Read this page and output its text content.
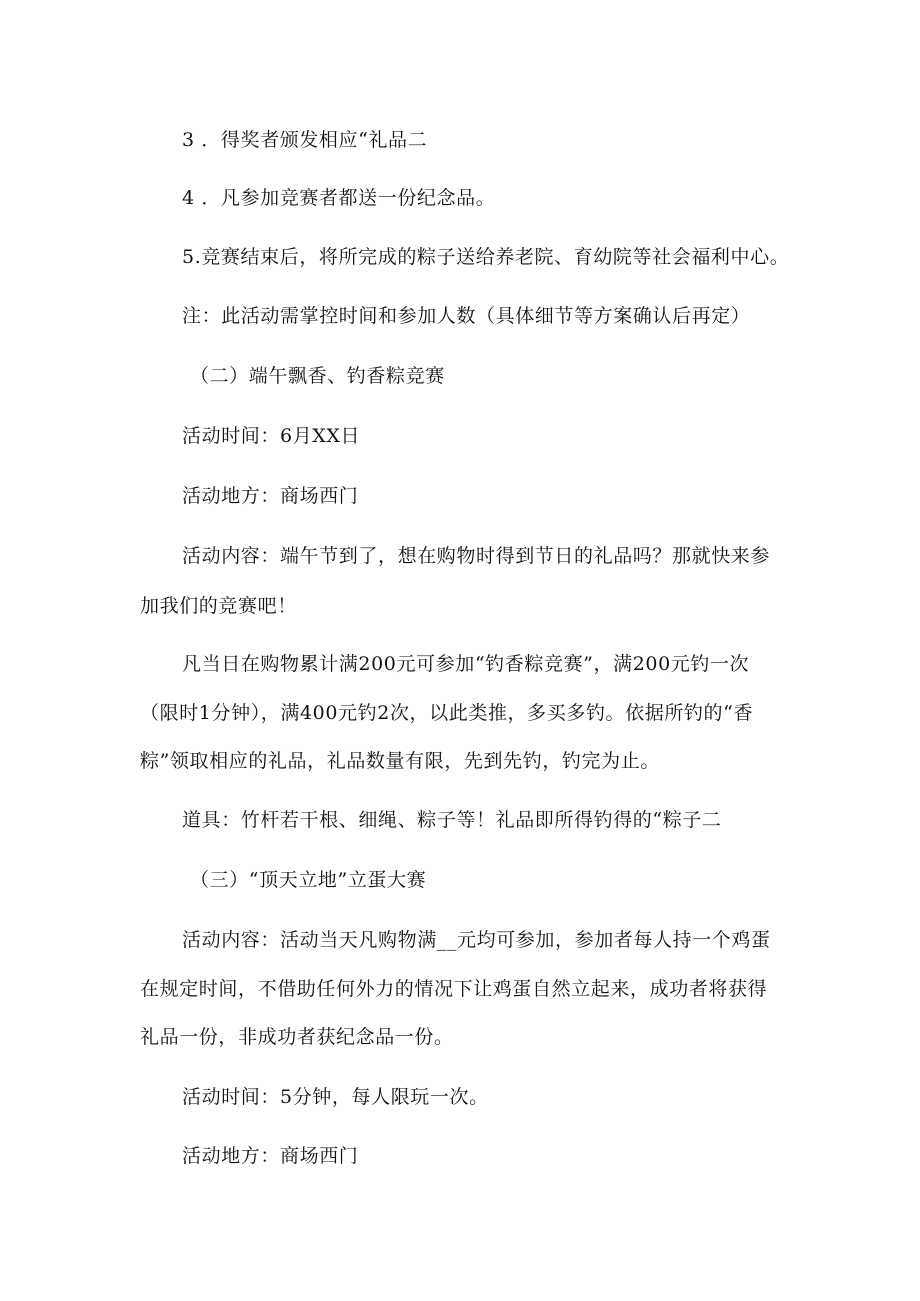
3 ．得奖者颁发相应“礼品二

4 ．凡参加竞赛者都送一份纪念品。

5.竞赛结束后，将所完成的粽子送给养老院、育幼院等社会福利中心。

注：此活动需掌控时间和参加人数（具体细节等方案确认后再定）

（二）端午飘香、钓香粽竞赛

活动时间：6月XX日

活动地方：商场西门

活动内容：端午节到了，想在购物时得到节日的礼品吗？那就快来参

加我们的竞赛吧！

凡当日在购物累计满200元可参加“钓香粽竞赛”，满200元钓一次

（限时1分钟），满400元钓2次，以此类推，多买多钓。依据所钓的“香

粽”领取相应的礼品，礼品数量有限，先到先钓，钓完为止。

道具：竹杆若干根、细绳、粽子等！礼品即所得钓得的“粽子二

（三）“顶天立地”立蛋大赛

活动内容：活动当天凡购物满__元均可参加，参加者每人持一个鸡蛋

在规定时间，不借助任何外力的情况下让鸡蛋自然立起来，成功者将获得

礼品一份，非成功者获纪念品一份。

活动时间：5分钟，每人限玩一次。

活动地方：商场西门
